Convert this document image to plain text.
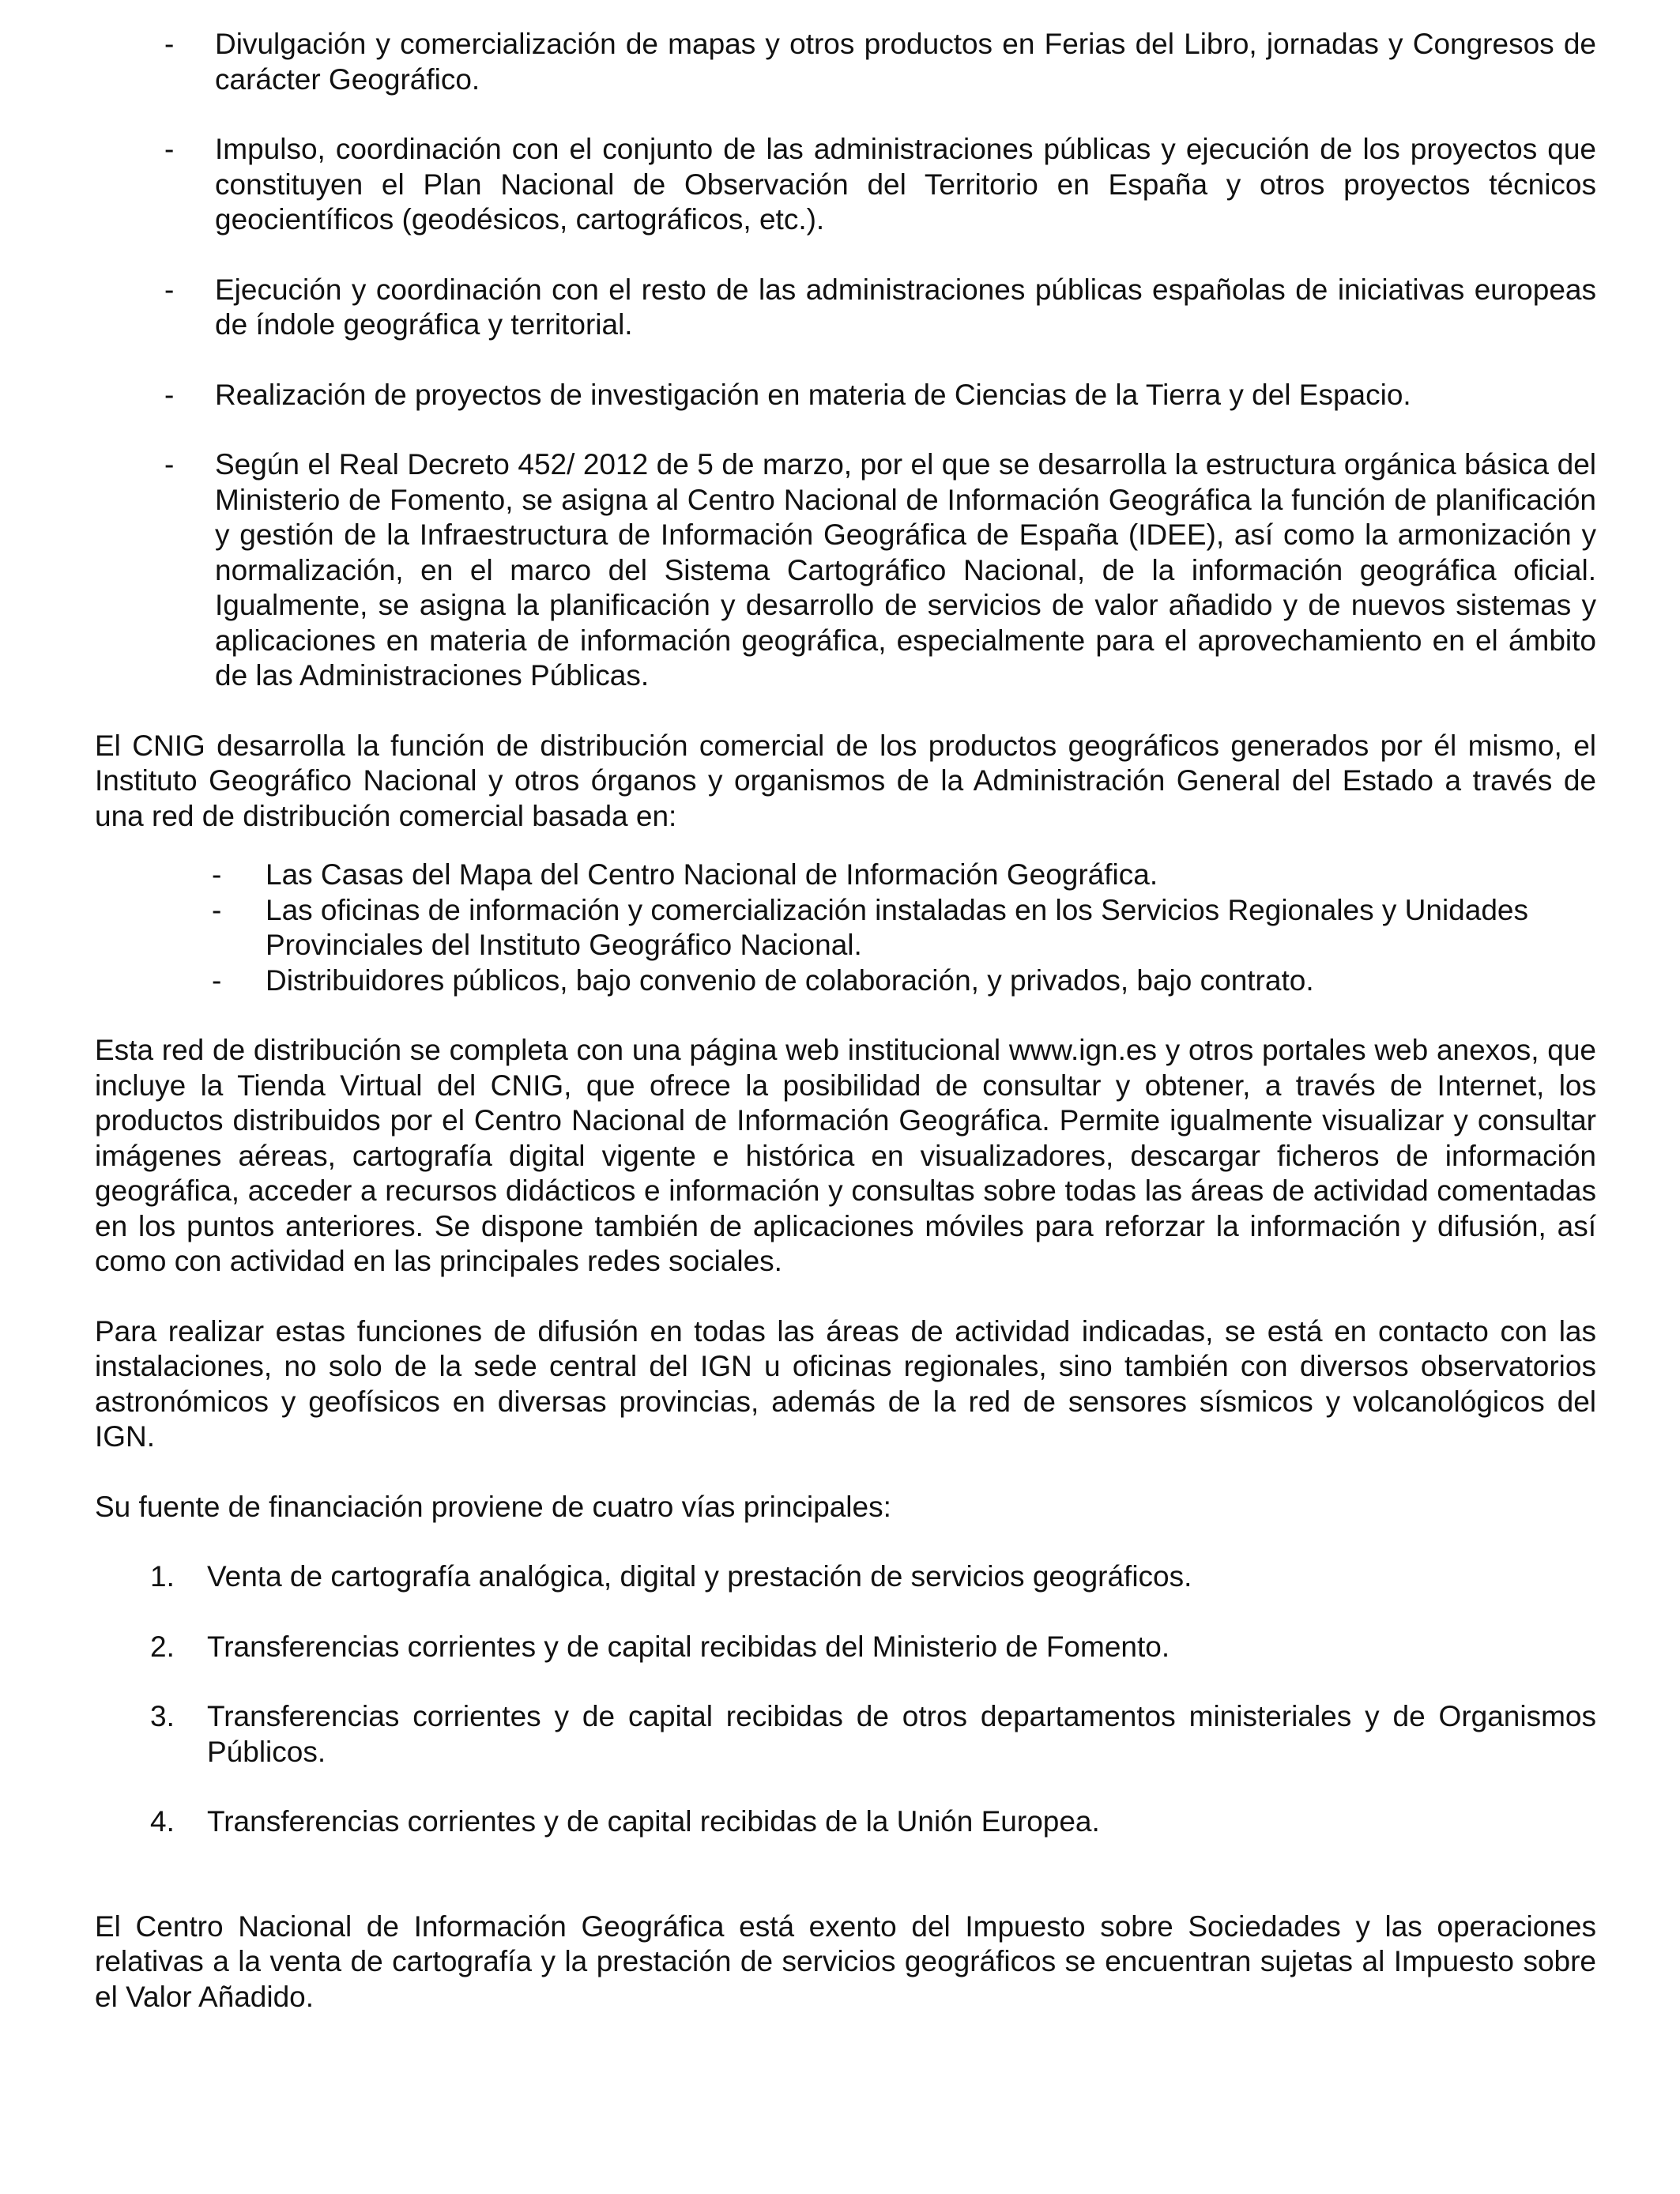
- Divulgación y comercialización de mapas y otros productos en Ferias del Libro, jornadas y Congresos de carácter Geográfico.
- Impulso, coordinación con el conjunto de las administraciones públicas y ejecución de los proyectos que constituyen el Plan Nacional de Observación del Territorio en España y otros proyectos técnicos geocientíficos (geodésicos, cartográficos, etc.).
- Ejecución y coordinación con el resto de las administraciones públicas españolas de iniciativas europeas de índole geográfica y territorial.
- Realización de proyectos de investigación en materia de Ciencias de la Tierra y del Espacio.
- Según el Real Decreto 452/ 2012 de 5 de marzo, por el que se desarrolla la estructura orgánica básica del Ministerio de Fomento, se asigna al Centro Nacional de Información Geográfica la función de planificación y gestión de la Infraestructura de Información Geográfica de España (IDEE), así como la armonización y normalización, en el marco del Sistema Cartográfico Nacional, de la información geográfica oficial. Igualmente, se asigna la planificación y desarrollo de servicios de valor añadido y de nuevos sistemas y aplicaciones en materia de información geográfica, especialmente para el aprovechamiento en el ámbito de las Administraciones Públicas.

El CNIG desarrolla la función de distribución comercial de los productos geográficos generados por él mismo, el Instituto Geográfico Nacional y otros órganos y organismos de la Administración General del Estado a través de una red de distribución comercial basada en:

- Las Casas del Mapa del Centro Nacional de Información Geográfica.
- Las oficinas de información y comercialización instaladas en los Servicios Regionales y Unidades Provinciales del Instituto Geográfico Nacional.
- Distribuidores públicos, bajo convenio de colaboración, y privados, bajo contrato.

Esta red de distribución se completa con una página web institucional www.ign.es y otros portales web anexos, que incluye la Tienda Virtual del CNIG, que ofrece la posibilidad de consultar y obtener, a través de Internet, los productos distribuidos por el Centro Nacional de Información Geográfica. Permite igualmente visualizar y consultar imágenes aéreas, cartografía digital vigente e histórica en visualizadores, descargar ficheros de información geográfica, acceder a recursos didácticos e información y consultas sobre todas las áreas de actividad comentadas en los puntos anteriores. Se dispone también de aplicaciones móviles para reforzar la información y difusión, así como con actividad en las principales redes sociales.

Para realizar estas funciones de difusión en todas las áreas de actividad indicadas, se está en contacto con las instalaciones, no solo de la sede central del IGN u oficinas regionales, sino también con diversos observatorios astronómicos y geofísicos en diversas provincias, además de la red de sensores sísmicos y volcanológicos del IGN.

Su fuente de financiación proviene de cuatro vías principales:

1. Venta de cartografía analógica, digital y prestación de servicios geográficos.
2. Transferencias corrientes y de capital recibidas del Ministerio de Fomento.
3. Transferencias corrientes y de capital recibidas de otros departamentos ministeriales y de Organismos Públicos.
4. Transferencias corrientes y de capital recibidas de la Unión Europea.

El Centro Nacional de Información Geográfica está exento del Impuesto sobre Sociedades y las operaciones relativas a la venta de cartografía y la prestación de servicios geográficos se encuentran sujetas al Impuesto sobre el Valor Añadido.
